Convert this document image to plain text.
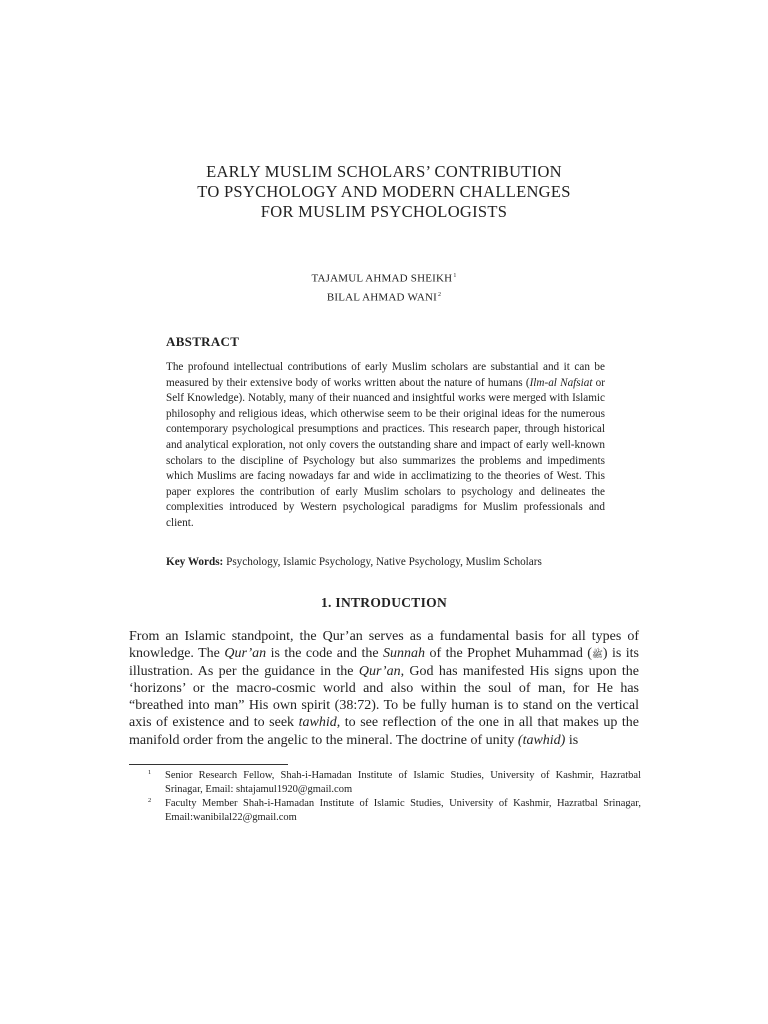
EARLY MUSLIM SCHOLARS’ CONTRIBUTION
TO PSYCHOLOGY AND MODERN CHALLENGES
FOR MUSLIM PSYCHOLOGISTS
TAJAMUL AHMAD SHEIKH$^1$
BILAL AHMAD WANI$^2$
ABSTRACT

The profound intellectual contributions of early Muslim scholars are substantial and it can be measured by their extensive body of works written about the nature of humans (Ilm-al Nafsiat or Self Knowledge). Notably, many of their nuanced and insightful works were merged with Islamic philosophy and religious ideas, which otherwise seem to be their original ideas for the numerous contemporary psychological presumptions and practices. This research paper, through historical and analytical exploration, not only covers the outstanding share and impact of early well-known scholars to the discipline of Psychology but also summarizes the problems and impediments which Muslims are facing nowadays far and wide in acclimatizing to the theories of West. This paper explores the contribution of early Muslim scholars to psychology and delineates the complexities introduced by Western psychological paradigms for Muslim professionals and client.

Key Words: Psychology, Islamic Psychology, Native Psychology, Muslim Scholars
1. INTRODUCTION

From an Islamic standpoint, the Qur’an serves as a fundamental basis for all types of knowledge. The Qur’an is the code and the Sunnah of the Prophet Muhammad (ﷺ) is its illustration. As per the guidance in the Qur’an, God has manifested His signs upon the ‘horizons’ or the macro-cosmic world and also within the soul of man, for He has “breathed into man” His own spirit (38:72). To be fully human is to stand on the vertical axis of existence and to seek tawhid, to see reflection of the one in all that makes up the manifold order from the angelic to the mineral. The doctrine of unity (tawhid) is

1 Senior Research Fellow, Shah-i-Hamadan Institute of Islamic Studies, University of Kashmir, Hazratbal Srinagar, Email: shtajamul1920@gmail.com
2 Faculty Member Shah-i-Hamadan Institute of Islamic Studies, University of Kashmir, Hazratbal Srinagar, Email:wanibilal22@gmail.com
